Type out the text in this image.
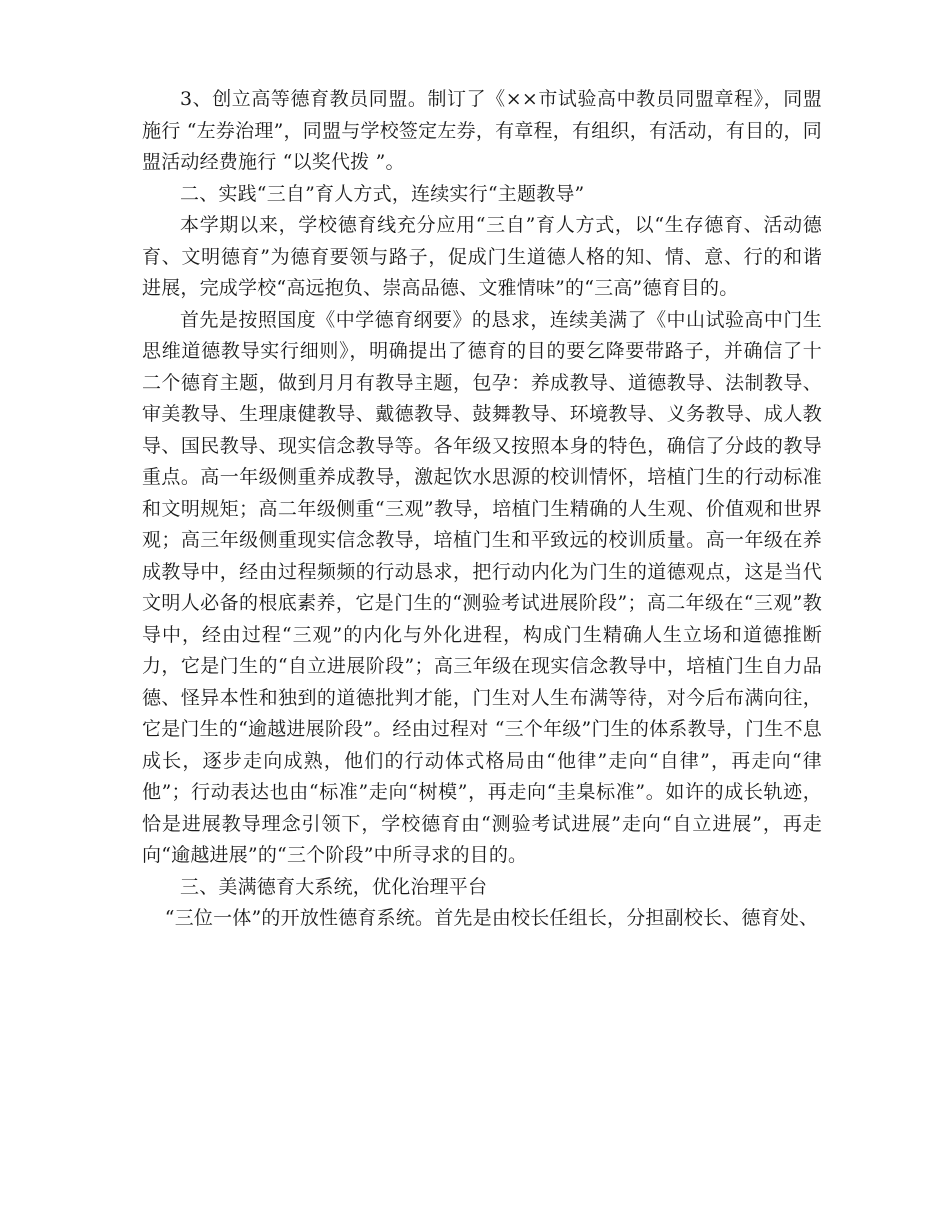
3、创立高等德育教员同盟。制订了《××市试验高中教员同盟章程》，同盟施行 “左券治理”，同盟与学校签定左券，有章程，有组织，有活动，有目的，同盟活动经费施行 “以奖代拨 ”。

二、实践“三自”育人方式，连续实行“主题教导”

本学期以来，学校德育线充分应用“三自”育人方式，以“生存德育、活动德育、文明德育”为德育要领与路子，促成门生道德人格的知、情、意、行的和谐进展，完成学校“高远抱负、崇高品德、文雅情味”的“三高”德育目的。

首先是按照国度《中学德育纲要》的恳求，连续美满了《中山试验高中门生思维道德教导实行细则》，明确提出了德育的目的要乞降要带路子，并确信了十二个德育主题，做到月月有教导主题，包孕：养成教导、道德教导、法制教导、审美教导、生理康健教导、戴德教导、鼓舞教导、环境教导、义务教导、成人教导、国民教导、现实信念教导等。各年级又按照本身的特色，确信了分歧的教导重点。高一年级侧重养成教导，激起饮水思源的校训情怀，培植门生的行动标准和文明规矩；高二年级侧重“三观”教导，培植门生精确的人生观、价值观和世界观；高三年级侧重现实信念教导，培植门生和平致远的校训质量。高一年级在养成教导中，经由过程频频的行动恳求，把行动内化为门生的道德观点，这是当代文明人必备的根底素养，它是门生的“测验考试进展阶段”；高二年级在“三观”教导中，经由过程“三观”的内化与外化进程，构成门生精确人生立场和道德推断力，它是门生的“自立进展阶段”；高三年级在现实信念教导中，培植门生自力品德、怪异本性和独到的道德批判才能，门生对人生布满等待，对今后布满向往，它是门生的“逾越进展阶段”。经由过程对 “三个年级”门生的体系教导，门生不息成长，逐步走向成熟，他们的行动体式格局由“他律”走向“自律”，再走向“律他”；行动表达也由“标准”走向“树模”，再走向“圭臬标准”。如许的成长轨迹，恰是进展教导理念引领下，学校德育由“测验考试进展”走向“自立进展”，再走向“逾越进展”的“三个阶段”中所寻求的目的。

三、美满德育大系统，优化治理平台

“三位一体”的开放性德育系统。首先是由校长任组长，分担副校长、德育处、
